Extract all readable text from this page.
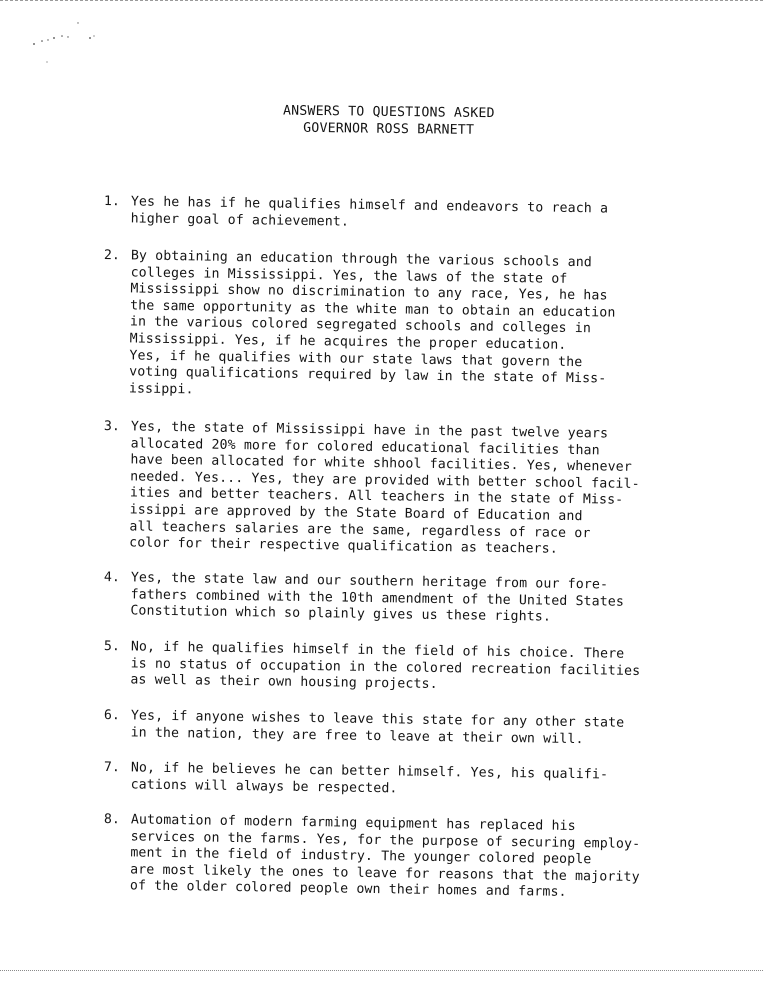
ANSWERS TO QUESTIONS ASKED
GOVERNOR ROSS BARNETT
1. Yes he has if he qualifies himself and endeavors to reach a
higher goal of achievement.
2. By obtaining an education through the various schools and
colleges in Mississippi. Yes, the laws of the state of
Mississippi show no discrimination to any race, Yes, he has
the same opportunity as the white man to obtain an education
in the various colored segregated schools and colleges in
Mississippi. Yes, if he acquires the proper education.
Yes, if he qualifies with our state laws that govern the
voting qualifications required by law in the state of Miss-
issippi.
3. Yes, the state of Mississippi have in the past twelve years
allocated 20% more for colored educational facilities than
have been allocated for white shhool facilities. Yes, whenever
needed. Yes... Yes, they are provided with better school facil-
ities and better teachers. All teachers in the state of Miss-
issippi are approved by the State Board of Education and
all teachers salaries are the same, regardless of race or
color for their respective qualification as teachers.
4. Yes, the state law and our southern heritage from our fore-
fathers combined with the 10th amendment of the United States
Constitution which so plainly gives us these rights.
5. No, if he qualifies himself in the field of his choice. There
is no status of occupation in the colored recreation facilities
as well as their own housing projects.
6. Yes, if anyone wishes to leave this state for any other state
in the nation, they are free to leave at their own will.
7. No, if he believes he can better himself. Yes, his qualifi-
cations will always be respected.
8. Automation of modern farming equipment has replaced his
services on the farms. Yes, for the purpose of securing employ-
ment in the field of industry. The younger colored people
are most likely the ones to leave for reasons that the majority
of the older colored people own their homes and farms.
